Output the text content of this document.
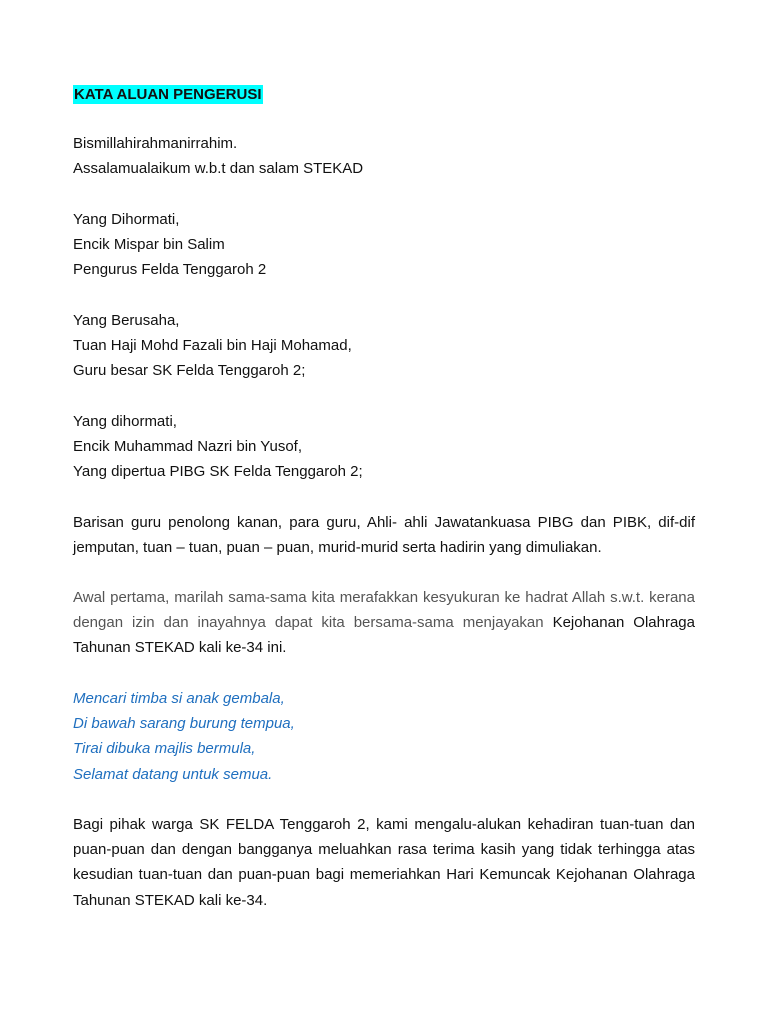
KATA ALUAN PENGERUSI
Bismillahirahmanirrahim.
Assalamualaikum w.b.t dan salam STEKAD
Yang Dihormati,
Encik Mispar bin Salim
Pengurus Felda Tenggaroh 2
Yang Berusaha,
Tuan Haji Mohd Fazali bin Haji Mohamad,
Guru besar SK Felda Tenggaroh 2;
Yang dihormati,
Encik Muhammad Nazri bin Yusof,
Yang dipertua PIBG SK Felda Tenggaroh 2;
Barisan guru penolong kanan, para guru, Ahli- ahli Jawatankuasa PIBG dan PIBK, dif-dif jemputan, tuan – tuan, puan – puan, murid-murid serta hadirin yang dimuliakan.
Awal pertama, marilah sama-sama kita merafakkan kesyukuran ke hadrat Allah s.w.t. kerana dengan izin dan inayahnya dapat kita bersama-sama menjayakan Kejohanan Olahraga Tahunan STEKAD kali ke-34 ini.
Mencari timba si anak gembala,
Di bawah sarang burung tempua,
Tirai dibuka majlis bermula,
Selamat datang untuk semua.
Bagi pihak warga SK FELDA Tenggaroh 2, kami mengalu-alukan kehadiran tuan-tuan dan puan-puan dan dengan bangganya meluahkan rasa terima kasih yang tidak terhingga atas kesudian tuan-tuan dan puan-puan bagi memeriahkan Hari Kemuncak Kejohanan Olahraga Tahunan STEKAD kali ke-34.
